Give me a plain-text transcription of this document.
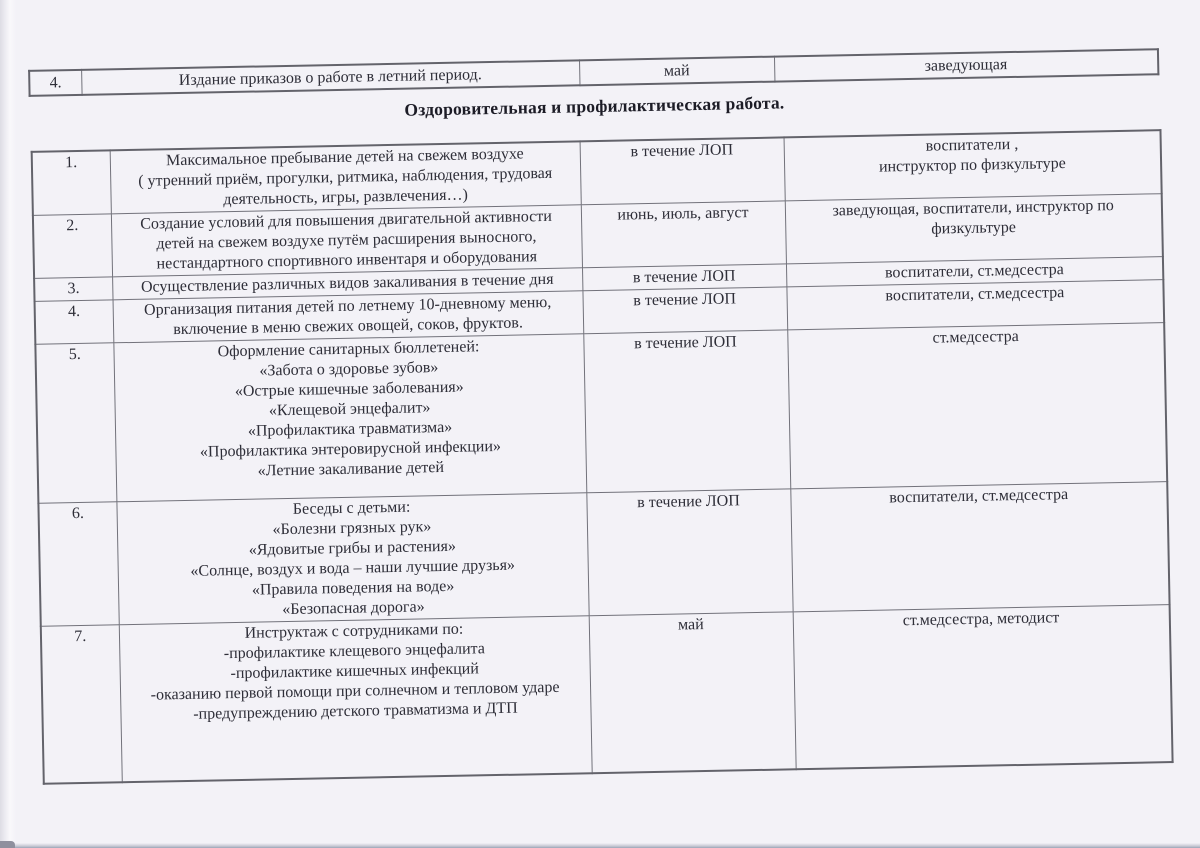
4.	Издание приказов о работе в летний период.	май	заведующая
Оздоровительная и профилактическая работа.
1.	Максимальное пребывание детей на свежем воздухе
( утренний приём, прогулки, ритмика, наблюдения, трудовая
деятельность, игры, развлечения…)	в течение ЛОП	воспитатели ,
инструктор по физкультуре
2.	Создание условий для повышения двигательной активности
детей на свежем воздухе путём расширения выносного,
нестандартного спортивного инвентаря и оборудования	июнь, июль, август	заведующая, воспитатели, инструктор по
физкультуре
3.	Осуществление различных видов закаливания в течение дня	в течение ЛОП	воспитатели, ст.медсестра
4.	Организация питания детей по летнему 10-дневному меню,
включение в меню свежих овощей, соков, фруктов.	в течение ЛОП	воспитатели, ст.медсестра
5.	Оформление санитарных бюллетеней:
«Забота о здоровье зубов»
«Острые кишечные заболевания»
«Клещевой энцефалит»
«Профилактика травматизма»
«Профилактика энтеровирусной инфекции»
«Летние закаливание детей	в течение ЛОП	ст.медсестра
6.	Беседы с детьми:
«Болезни грязных рук»
«Ядовитые грибы и растения»
«Солнце, воздух и вода – наши лучшие друзья»
«Правила поведения на воде»
«Безопасная дорога»	в течение ЛОП	воспитатели, ст.медсестра
7.	Инструктаж с сотрудниками по:
-профилактике клещевого энцефалита
-профилактике кишечных инфекций
-оказанию первой помощи при солнечном и тепловом ударе
-предупреждению детского травматизма и ДТП	май	ст.медсестра, методист
